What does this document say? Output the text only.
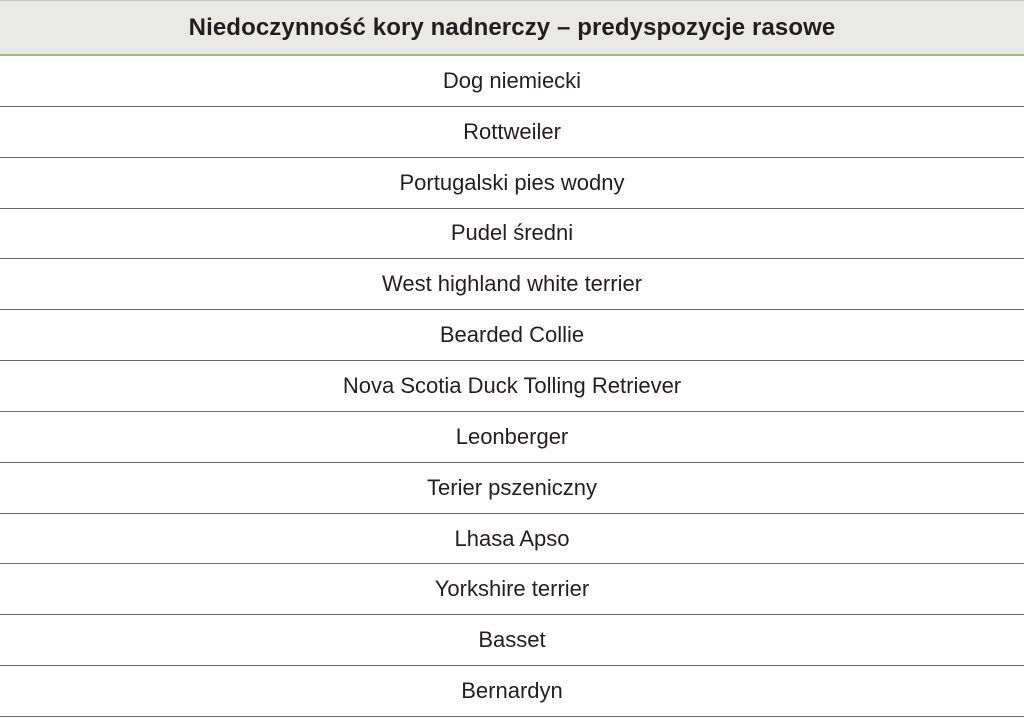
Niedoczynność kory nadnerczy – predyspozycje rasowe
Dog niemiecki
Rottweiler
Portugalski pies wodny
Pudel średni
West highland white terrier
Bearded Collie
Nova Scotia Duck Tolling Retriever
Leonberger
Terier pszeniczny
Lhasa Apso
Yorkshire terrier
Basset
Bernardyn
